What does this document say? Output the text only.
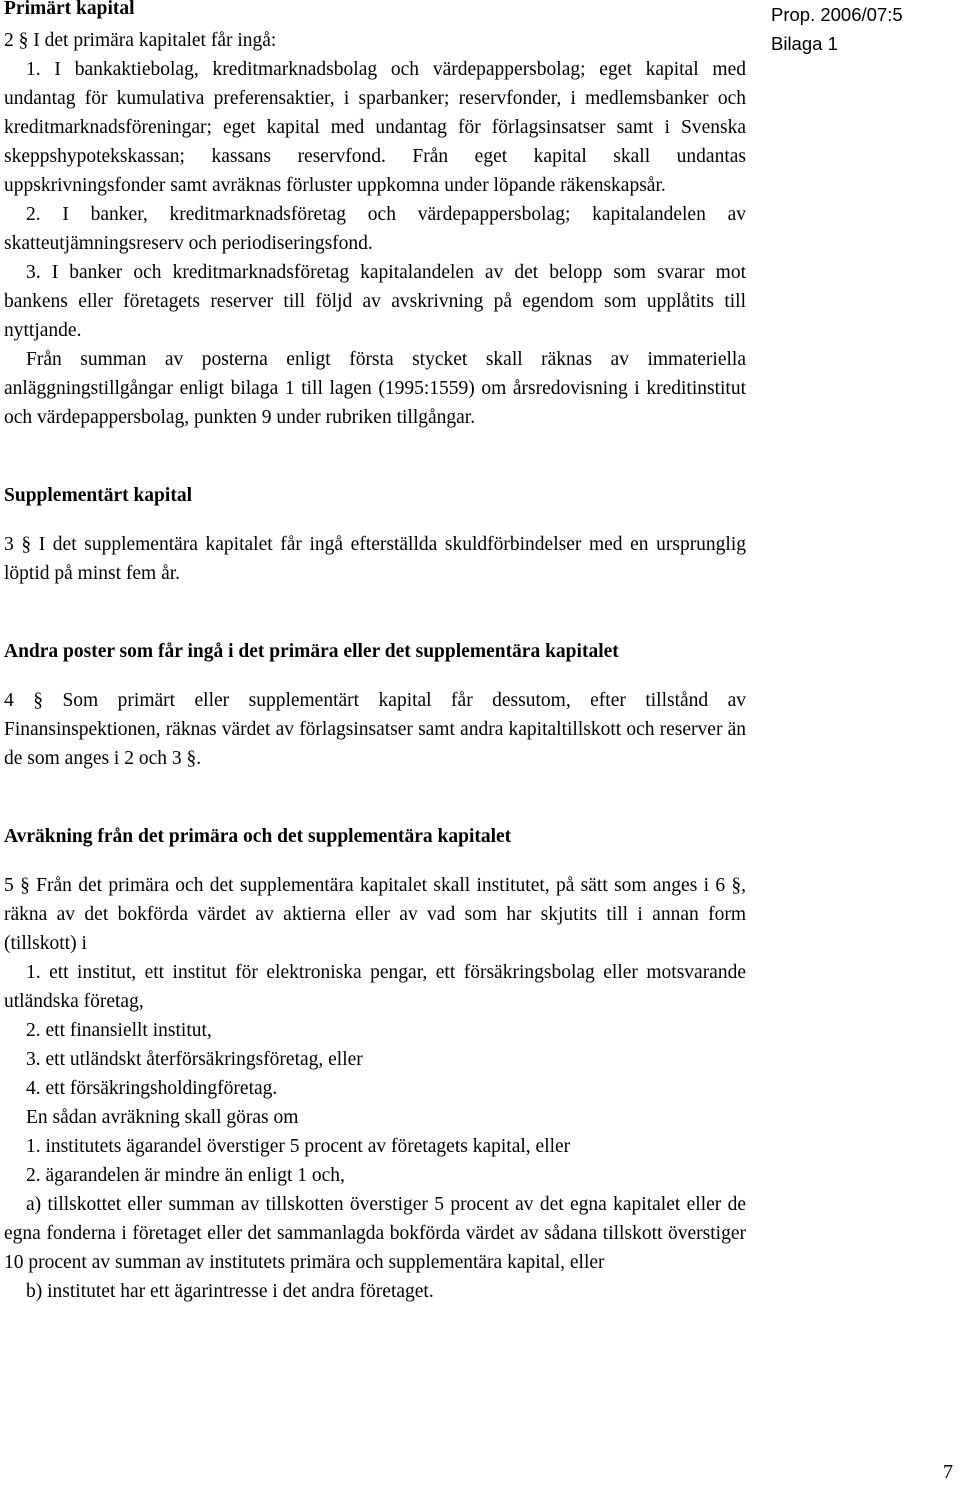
Prop. 2006/07:5
Bilaga 1
Primärt kapital

2 § I det primära kapitalet får ingå:

1. I bankaktiebolag, kreditmarknadsbolag och värdepappersbolag; eget kapital med undantag för kumulativa preferensaktier, i sparbanker; reservfonder, i medlemsbanker och kreditmarknadsföreningar; eget kapital med undantag för förlagsinsatser samt i Svenska skeppshypotekskassan; kassans reservfond. Från eget kapital skall undantas uppskrivningsfonder samt avräknas förluster uppkomna under löpande räkenskapsår.

2. I banker, kreditmarknadsföretag och värdepappersbolag; kapitalandelen av skatteutjämningsreserv och periodiseringsfond.

3. I banker och kreditmarknadsföretag kapitalandelen av det belopp som svarar mot bankens eller företagets reserver till följd av avskrivning på egendom som upplåtits till nyttjande.

Från summan av posterna enligt första stycket skall räknas av immateriella anläggningstillgångar enligt bilaga 1 till lagen (1995:1559) om årsredovisning i kreditinstitut och värdepappersbolag, punkten 9 under rubriken tillgångar.

Supplementärt kapital

3 § I det supplementära kapitalet får ingå efterställda skuldförbindelser med en ursprunglig löptid på minst fem år.

Andra poster som får ingå i det primära eller det supplementära kapitalet

4 § Som primärt eller supplementärt kapital får dessutom, efter tillstånd av Finansinspektionen, räknas värdet av förlagsinsatser samt andra kapitaltillskott och reserver än de som anges i 2 och 3 §.

Avräkning från det primära och det supplementära kapitalet

5 § Från det primära och det supplementära kapitalet skall institutet, på sätt som anges i 6 §, räkna av det bokförda värdet av aktierna eller av vad som har skjutits till i annan form (tillskott) i

1. ett institut, ett institut för elektroniska pengar, ett försäkringsbolag eller motsvarande utländska företag,

2. ett finansiellt institut,

3. ett utländskt återförsäkringsföretag, eller

4. ett försäkringsholdingföretag.

En sådan avräkning skall göras om

1. institutets ägarandel överstiger 5 procent av företagets kapital, eller

2. ägarandelen är mindre än enligt 1 och,

a) tillskottet eller summan av tillskotten överstiger 5 procent av det egna kapitalet eller de egna fonderna i företaget eller det sammanlagda bokförda värdet av sådana tillskott överstiger 10 procent av summan av institutets primära och supplementära kapital, eller

b) institutet har ett ägarintresse i det andra företaget.

7
